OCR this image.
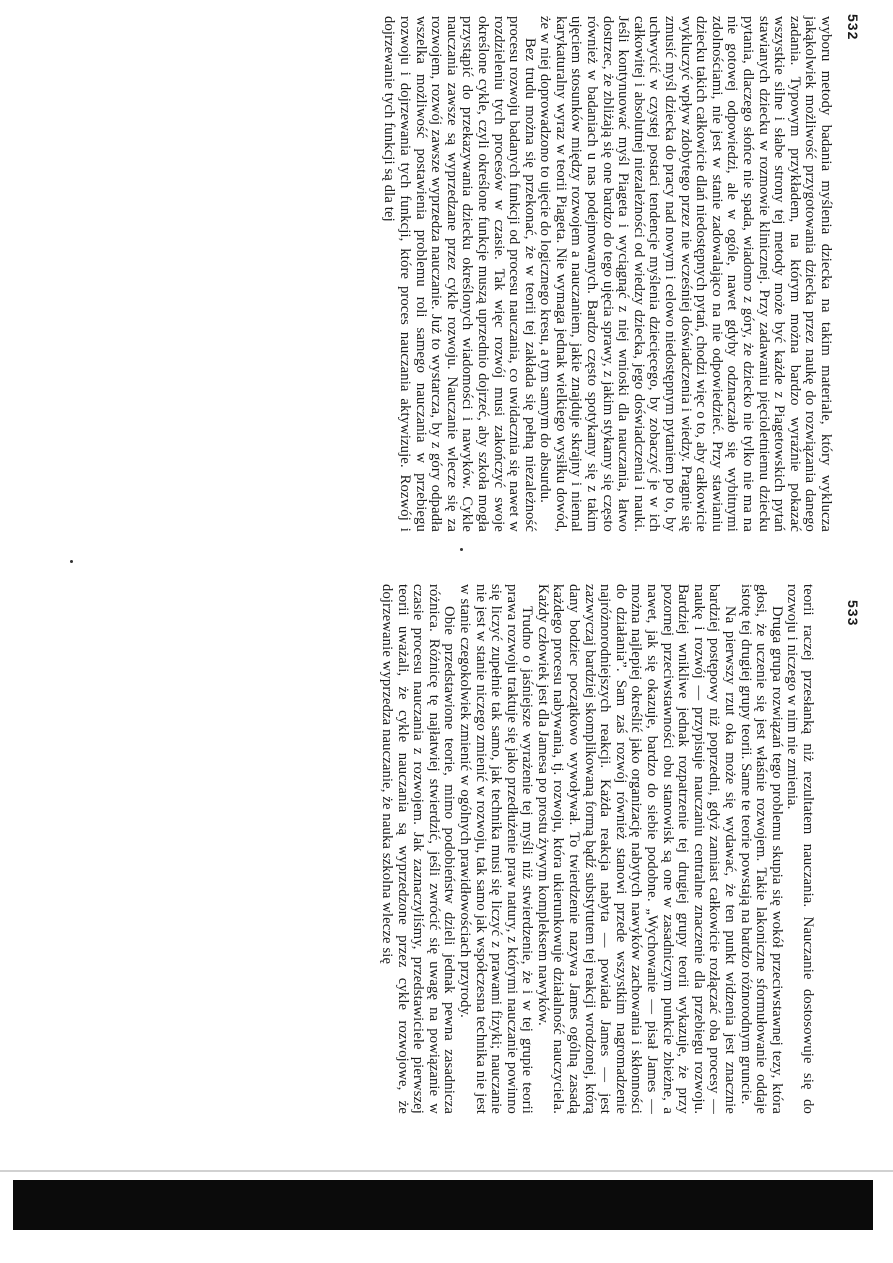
532
533

wyboru metody badania myślenia dziecka na takim materiale, który wyklucza jakąkolwiek możliwość przygotowania dziecka przez naukę do rozwiązania danego zadania. Typowym przykładem, na którym można bardzo wyraźnie pokazać wszystkie silne i słabe strony tej metody może być każde z Piagetowskich pytań stawianych dziecku w rozmowie klinicznej. Przy zadawaniu pięcioletniemu dziecku pytania, dlaczego słońce nie spada, wiadomo z góry, że dziecko nie tylko nie ma na nie gotowej odpowiedzi, ale w ogóle, nawet gdyby odznaczało się wybitnymi zdolnościami, nie jest w stanie zadowalająco na nie odpowiedzieć. Przy stawianiu dziecku takich całkowicie dlań niedostępnych pytań, chodzi więc o to, aby całkowicie wykluczyć wpływ zdobytego przez nie wcześniej doświadczenia i wiedzy. Pragnie się zmusić myśl dziecka do pracy nad nowym i celowo niedostępnym pytaniem po to, by uchwycić w czystej postaci tendencje myślenia dziecięcego, by zobaczyć je w ich całkowitej i absolutnej niezależności od wiedzy dziecka, jego doświadczenia i nauki. Jeśli kontynuować myśl Piageta i wyciągnąć z niej wnioski dla nauczania, łatwo dostrzec, że zbliżają się one bardzo do tego ujęcia sprawy, z jakim stykamy się często również w badaniach u nas podejmowanych. Bardzo często spotykamy się z takim ujęciem stosunków między rozwojem a nauczaniem, jakie znajduje skrajny i niemal karykaturalny wyraz w teorii Piageta. Nie wymaga jednak wielkiego wysiłku dowód, że w niej doprowadzono to ujęcie do logicznego kresu, a tym samym do absurdu.

Bez trudu można się przekonać, że w teorii tej zakłada się pełną niezależność procesu rozwoju badanych funkcji od procesu nauczania, co uwidacznia się nawet w rozdzieleniu tych procesów w czasie. Tak więc rozwój musi zakończyć swoje określone cykle, czyli określone funkcje muszą uprzednio dojrzeć, aby szkoła mogła przystąpić do przekazywania dziecku określonych wiadomości i nawyków. Cykle nauczania zawsze są wyprzedzane przez cykle rozwoju. Nauczanie wlecze się za rozwojem, rozwój zawsze wyprzedza nauczanie. Już to wystarcza, by z góry odpadła wszelka możliwość postawienia problemu roli samego nauczania w przebiegu rozwoju i dojrzewania tych funkcji, które proces nauczania aktywizuje. Rozwój i dojrzewanie tych funkcji są dla tej

teorii raczej przesłanką niż rezultatem nauczania. Nauczanie dostosowuje się do rozwoju i niczego w nim nie zmienia.

Druga grupa rozwiązań tego problemu skupia się wokół przeciwstawnej tezy, która głosi, że uczenie się jest właśnie rozwojem. Takie lakoniczne sformułowanie oddaje istotę tej drugiej grupy teorii. Same te teorie powstają na bardzo różnorodnym gruncie.

Na pierwszy rzut oka może się wydawać, że ten punkt widzenia jest znacznie bardziej postępowy niż poprzedni, gdyż zamiast całkowicie rozłączać oba procesy — naukę i rozwój — przypisuje nauczaniu centralne znaczenie dla przebiegu rozwoju. Bardziej wnikliwe jednak rozpatrzenie tej drugiej grupy teorii wykazuje, że przy pozornej przeciwstawności obu stanowisk są one w zasadniczym punkcie zbieżne, a nawet, jak się okazuje, bardzo do siebie podobne. „Wychowanie — pisał James — można najlepiej określić jako organizację nabytych nawyków zachowania i skłonności do działania”. Sam zaś rozwój również stanowi przede wszystkim nagromadzenie najróżnorodniejszych reakcji. Każda reakcja nabyta — powiada James — jest zazwyczaj bardziej skomplikowaną formą bądź substytutem tej reakcji wrodzonej, którą dany bodziec początkowo wywoływał. To twierdzenie nazywa James ogólną zasadą każdego procesu nabywania, tj. rozwoju, która ukierunkowuje działalność nauczyciela. Każdy człowiek jest dla Jamesa po prostu żywym kompleksem nawyków.

Trudno o jaśniejsze wyrażenie tej myśli niż stwierdzenie, że i w tej grupie teorii prawa rozwoju traktuje się jako przedłużenie praw natury, z którymi nauczanie powinno się liczyć zupełnie tak samo, jak technika musi się liczyć z prawami fizyki; nauczanie nie jest w stanie niczego zmienić w rozwoju, tak samo jak współczesna technika nie jest w stanie czegokolwiek zmienić w ogólnych prawidłowościach przyrody.

Obie przedstawione teorie, mimo podobieństw dzieli jednak pewna zasadnicza różnica. Różnicę tę najłatwiej stwierdzić, jeśli zwrócić się uwagę na powiązanie w czasie procesu nauczania z rozwojem. Jak zaznaczyliśmy, przedstawiciele pierwszej teorii uważali, że cykle nauczania są wyprzedzone przez cykle rozwojowe, że dojrzewanie wyprzedza nauczanie, że nauka szkolna wlecze się
